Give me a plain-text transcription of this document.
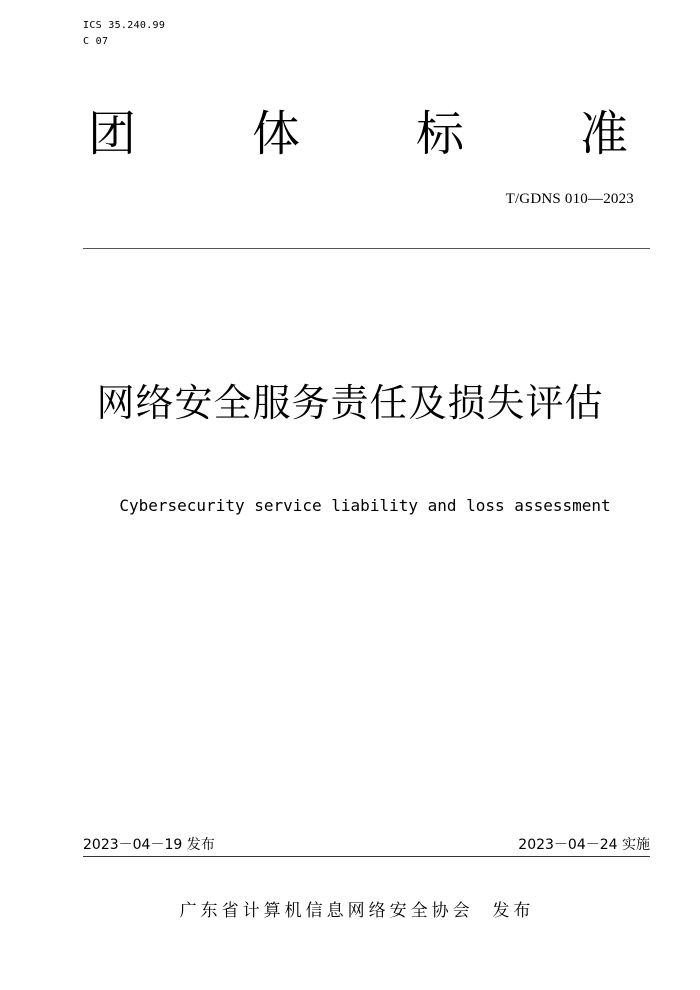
ICS 35.240.99
C 07
团 体 标 准
T/GDNS 010—2023
网络安全服务责任及损失评估
Cybersecurity service liability and loss assessment
2023－04－19 发布	2023－04－24 实施
广东省计算机信息网络安全协会  发布
